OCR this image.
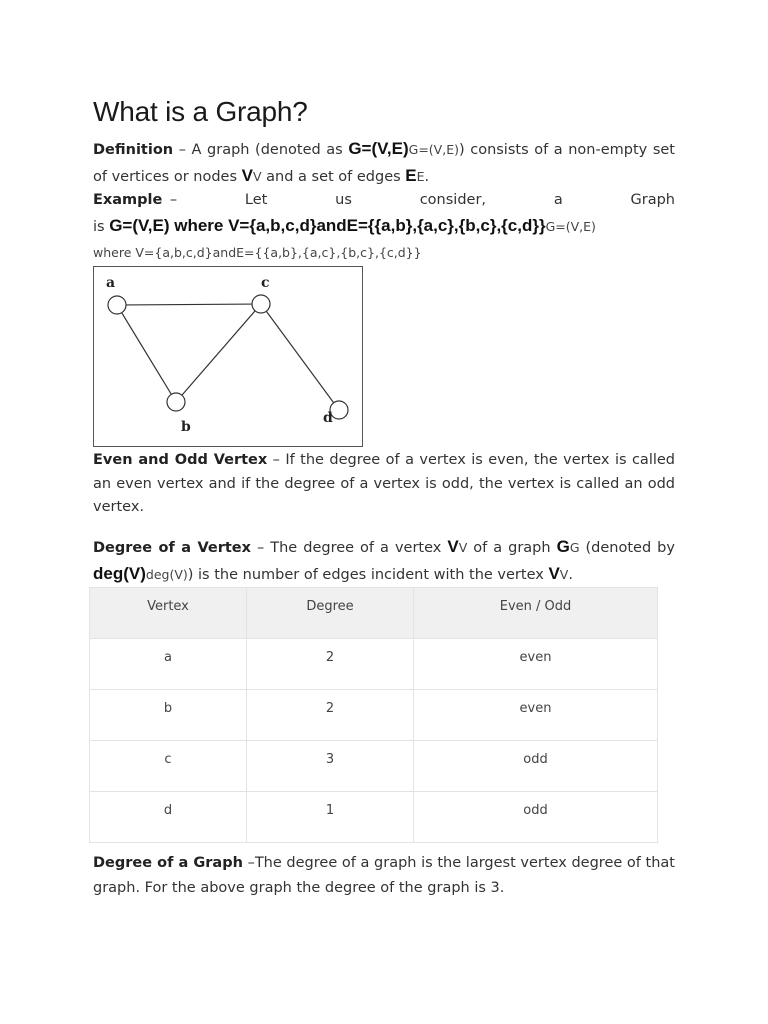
What is a Graph?
Definition – A graph (denoted as G=(V,E)G=(V,E)) consists of a non-empty set of vertices or nodes VV and a set of edges EE.
Example –         Let         us         consider,         a         Graph
is G=(V,E) where V={a,b,c,d}andE={{a,b},{a,c},{b,c},{c,d}}G=(V,E)
where V={a,b,c,d}andE={{a,b},{a,c},{b,c},{c,d}}
a
b
c
d
Even and Odd Vertex – If the degree of a vertex is even, the vertex is called an even vertex and if the degree of a vertex is odd, the vertex is called an odd vertex.
Degree of a Vertex – The degree of a vertex VV of a graph GG (denoted by deg(V)deg(V)) is the number of edges incident with the vertex VV.
Vertex	Degree	Even / Odd
a	2	even
b	2	even
c	3	odd
d	1	odd
Degree of a Graph –The degree of a graph is the largest vertex degree of that graph. For the above graph the degree of the graph is 3.
